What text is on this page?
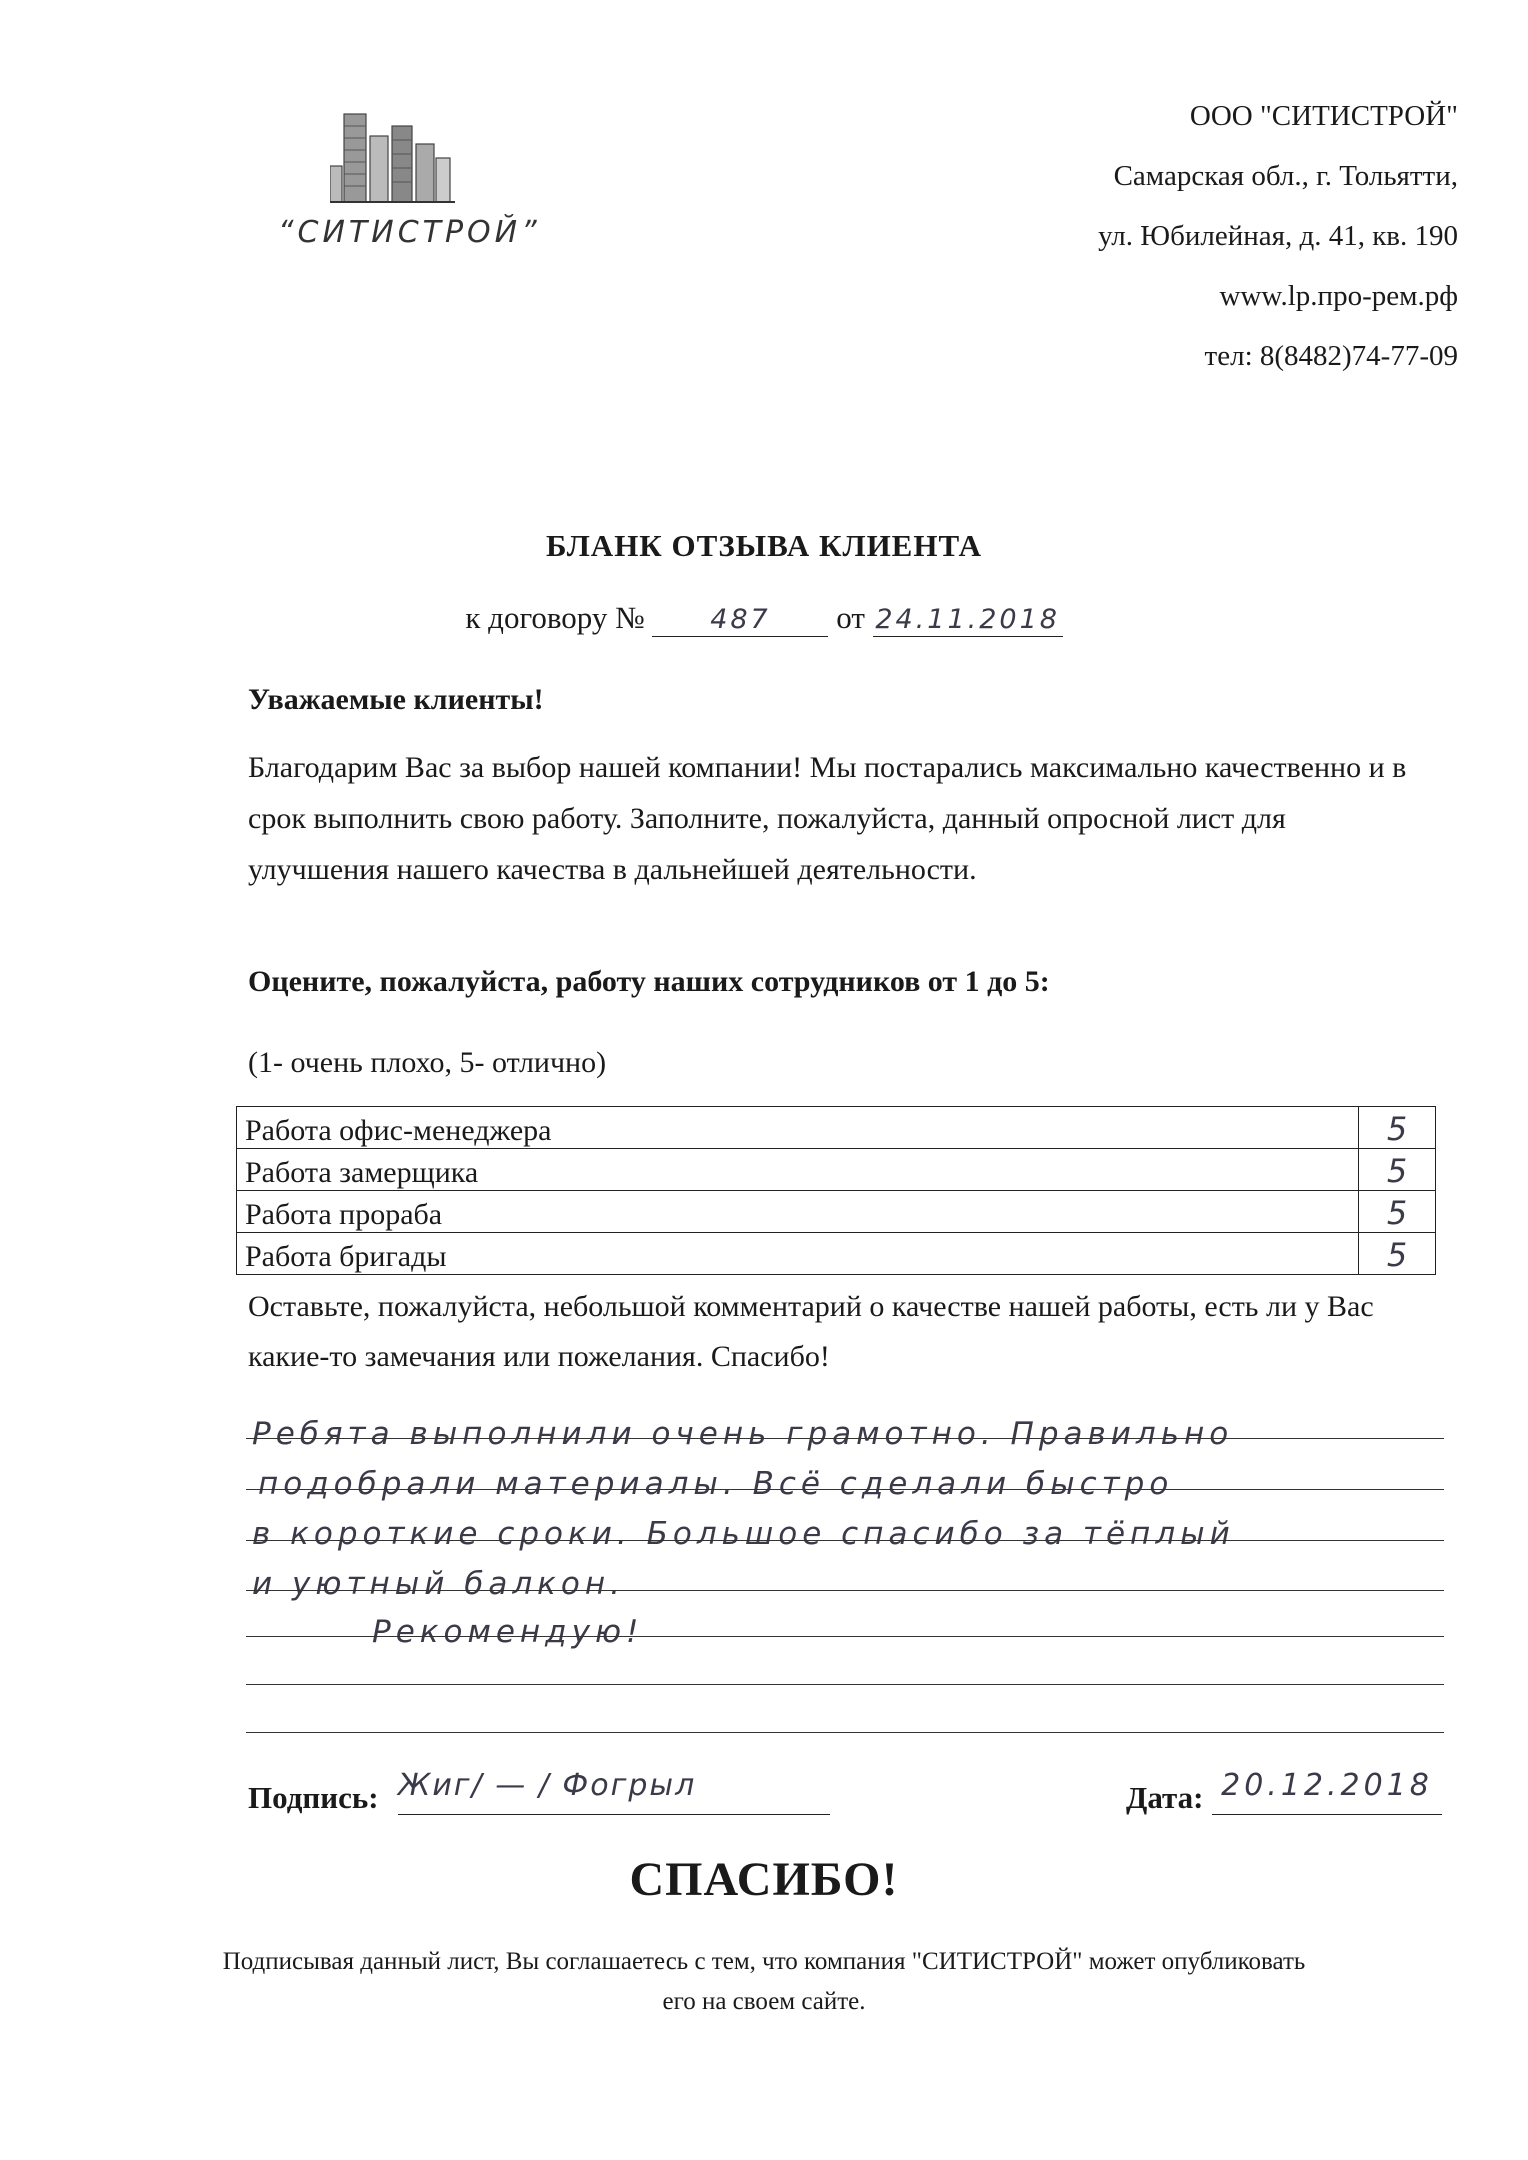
“СИТИСТРОЙ”
ООО "СИТИСТРОЙ"
Самарская обл., г. Тольятти,
ул. Юбилейная, д. 41, кв. 190
www.lp.про-рем.рф
тел: 8(8482)74-77-09
БЛАНК ОТЗЫВА КЛИЕНТА
к договору № 487 от 24.11.2018
Уважаемые клиенты!
Благодарим Вас за выбор нашей компании! Мы постарались максимально качественно и в срок выполнить свою работу. Заполните, пожалуйста, данный опросной лист для улучшения нашего качества в дальнейшей деятельности.
Оцените, пожалуйста, работу наших сотрудников от 1 до 5:
(1- очень плохо, 5- отлично)
Работа офис-менеджера	5
Работа замерщика	5
Работа прораба	5
Работа бригады	5
Оставьте, пожалуйста, небольшой комментарий о качестве нашей работы, есть ли у Вас какие-то замечания или пожелания. Спасибо!
Ребята выполнили очень грамотно. Правильно
подобрали материалы. Всё сделали быстро
в короткие сроки. Большое спасибо за тёплый
и уютный балкон.
Рекомендую!
Подпись: Жиг/ — / Фогрыл	Дата: 20.12.2018
СПАСИБО!
Подписывая данный лист, Вы соглашаетесь с тем, что компания "СИТИСТРОЙ" может опубликовать его на своем сайте.
